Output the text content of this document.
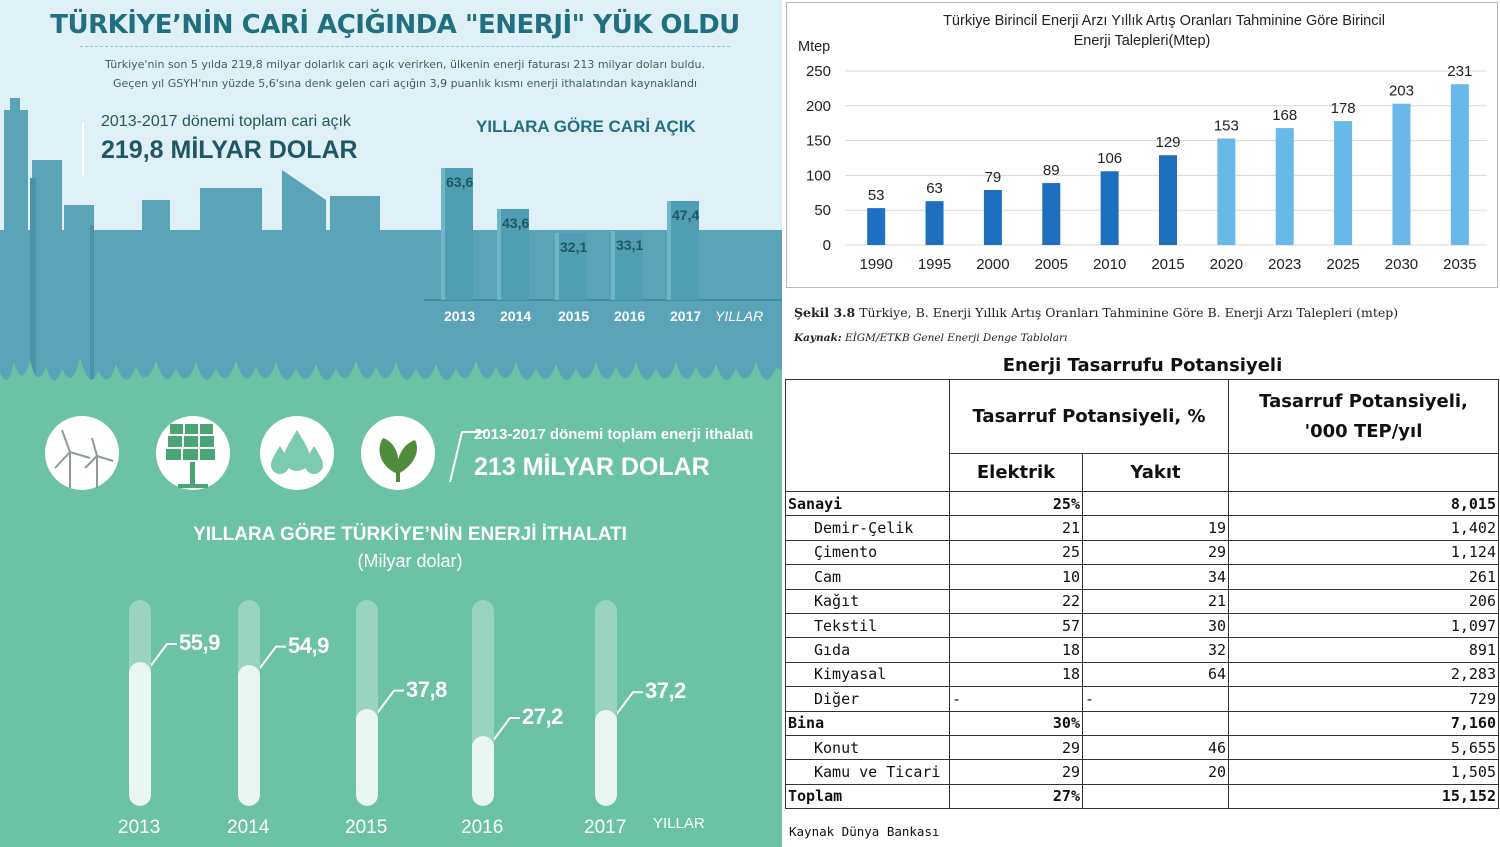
TÜRKİYE’NİN CARİ AÇIĞINDA "ENERJİ" YÜK OLDU
Türkiye'nin son 5 yılda 219,8 milyar dolarlık cari açık verirken, ülkenin enerji faturası 213 milyar doları buldu.
Geçen yıl GSYH'nın yüzde 5,6'sına denk gelen cari açığın 3,9 puanlık kısmı enerji ithalatından kaynaklandı
2013-2017 dönemi toplam cari açık
219,8 MİLYAR DOLAR
YILLARA GÖRE CARİ AÇIK
63,6
2013
43,6
2014
32,1
2015
33,1
2016
47,4
2017 YILLAR
2013-2017 dönemi toplam enerji ithalatı
213 MİLYAR DOLAR
YILLARA GÖRE TÜRKİYE’NİN ENERJİ İTHALATI
(Milyar dolar)
55,9
2013
54,9
2014
37,8
2015
27,2
2016
37,2
2017 YILLAR
Türkiye Birincil Enerji Arzı Yıllık Artış Oranları Tahminine Göre Birincil
Enerji Talepleri(Mtep)
Mtep
0
50
100
150
200
250
53
1990
63
1995
79
2000
89
2005
106
2010
129
2015
153
2020
168
2023
178
2025
203
2030
231
2035
Şekil 3.8 Türkiye, B. Enerji Yıllık Artış Oranları Tahminine Göre B. Enerji Arzı Talepleri (mtep)
Kaynak: EİGM/ETKB Genel Enerji Denge Tabloları
Enerji Tasarrufu Potansiyeli
	Tasarruf Potansiyeli, %		Tasarruf Potansiyeli,
'000 TEP/yıl
	Elektrik	Yakıt	
Sanayi	25%		8,015
Demir-Çelik	21	19	1,402
Çimento	25	29	1,124
Cam	10	34	261
Kağıt	22	21	206
Tekstil	57	30	1,097
Gıda	18	32	891
Kimyasal	18	64	2,283
Diğer	-	-	729
Bina	30%		7,160
Konut	29	46	5,655
Kamu ve Ticari	29	20	1,505
Toplam	27%		15,152
Kaynak Dünya Bankası
